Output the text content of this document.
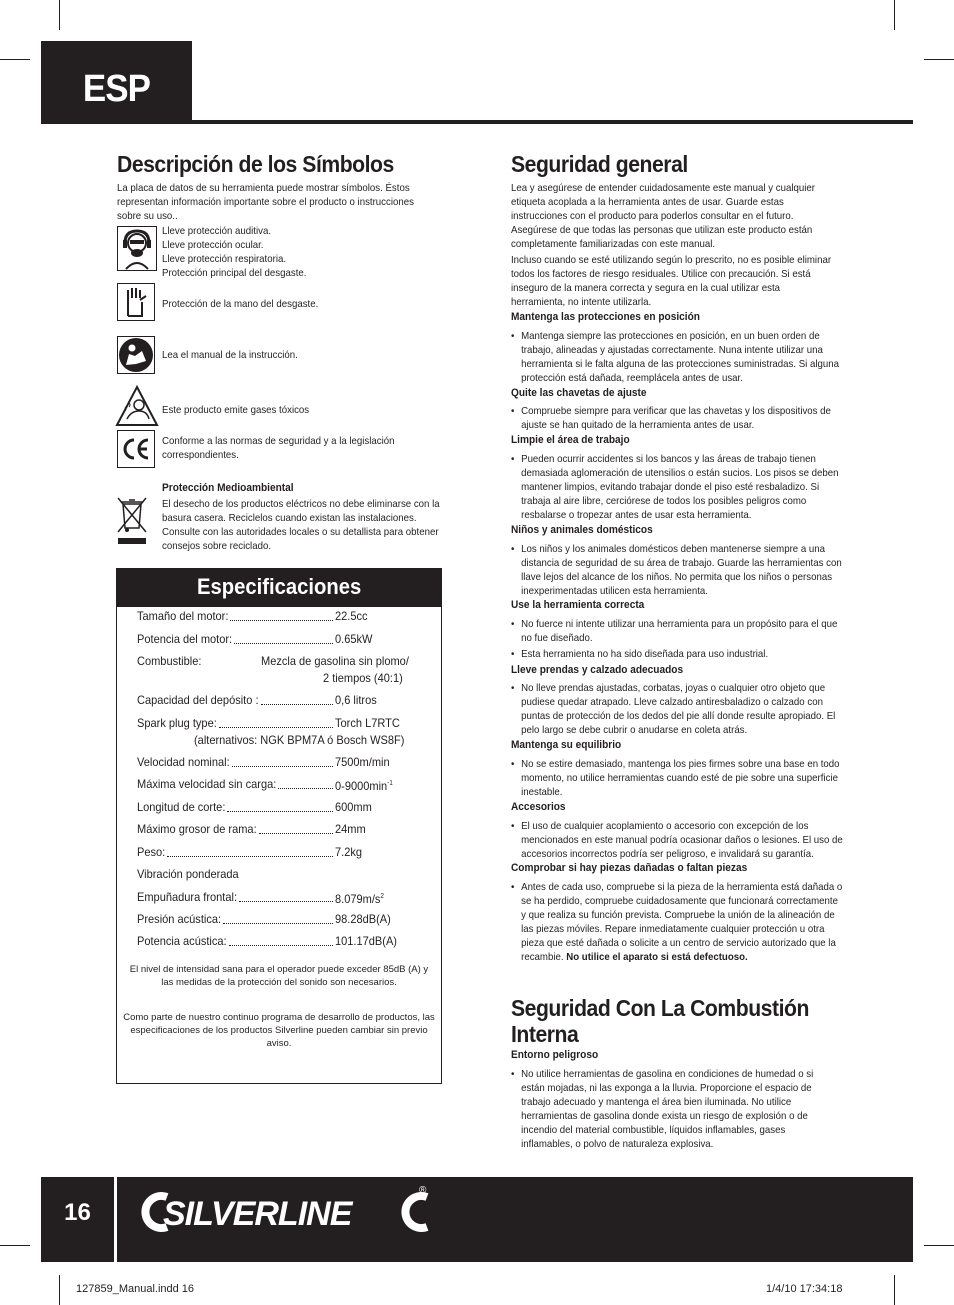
ESP
Descripción de los Símbolos
La placa de datos de su herramienta puede mostrar símbolos. Éstos representan información importante sobre el producto o instrucciones sobre su uso..
Lleve protección auditiva.
Lleve protección ocular.
Lleve protección respiratoria.
Protección principal del desgaste.
Protección de la mano del desgaste.
Lea el manual de la instrucción.
Este producto emite gases tóxicos
Conforme a las normas de seguridad y a la legislación
correspondientes.
Protección Medioambiental
El desecho de los productos eléctricos no debe eliminarse con la basura casera. Reciclelos cuando existan las instalaciones. Consulte con las autoridades locales o su detallista para obtener consejos sobre reciclado.
Especificaciones
Tamaño del motor:	22.5cc
Potencia del motor:	0.65kW
Combustible:	Mezcla de gasolina sin plomo/
2 tiempos (40:1)
Capacidad del depósito :	0,6 litros
Spark plug type:	Torch L7RTC
(alternativos: NGK BPM7A ó Bosch WS8F)
Velocidad nominal:	7500m/min
Máxima velocidad sin carga:	$0-9000\min^{-1}$
Longitud de corte:	600mm
Máximo grosor de rama:	24mm
Peso:	7.2kg
Vibración ponderada
Empuñadura frontal:	$8.079m/s^2$
Presión acústica:	98.28dB(A)
Potencia acústica:	101.17dB(A)
El nivel de intensidad sana para el operador puede exceder 85dB (A) y las medidas de la protección del sonido son necesarios.
Como parte de nuestro continuo programa de desarrollo de productos, las especificaciones de los productos Silverline pueden cambiar sin previo aviso.
Seguridad general
Lea y asegúrese de entender cuidadosamente este manual y cualquier etiqueta acoplada a la herramienta antes de usar. Guarde estas instrucciones con el producto para poderlos consultar en el futuro. Asegúrese de que todas las personas que utilizan este producto están completamente familiarizadas con este manual.
Incluso cuando se esté utilizando según lo prescrito, no es posible eliminar todos los factores de riesgo residuales. Utilice con precaución. Si está inseguro de la manera correcta y segura en la cual utilizar esta herramienta, no intente utilizarla.
Mantenga las protecciones en posición
• Mantenga siempre las protecciones en posición, en un buen orden de trabajo, alineadas y ajustadas correctamente. Nuna intente utilizar una herramienta si le falta alguna de las protecciones suministradas. Si alguna protección está dañada, reemplácela antes de usar.
Quite las chavetas de ajuste
• Compruebe siempre para verificar que las chavetas y los dispositivos de ajuste se han quitado de la herramienta antes de usar.
Limpie el área de trabajo
• Pueden ocurrir accidentes si los bancos y las áreas de trabajo tienen demasiada aglomeración de utensilios o están sucios. Los pisos se deben mantener limpios, evitando trabajar donde el piso esté resbaladizo. Si trabaja al aire libre, cerciórese de todos los posibles peligros como resbalarse o tropezar antes de usar esta herramienta.
Niños y animales domésticos
• Los niños y los animales domésticos deben mantenerse siempre a una distancia de seguridad de su área de trabajo. Guarde las herramientas con llave lejos del alcance de los niños. No permita que los niños o personas inexperimentadas utilicen esta herramienta.
Use la herramienta correcta
• No fuerce ni intente utilizar una herramienta para un propósito para el que no fue diseñado.
• Esta herramienta no ha sido diseñada para uso industrial.
Lleve prendas y calzado adecuados
• No lleve prendas ajustadas, corbatas, joyas o cualquier otro objeto que pudiese quedar atrapado. Lleve calzado antiresbaladizo o calzado con puntas de protección de los dedos del pie allí donde resulte apropiado. El pelo largo se debe cubrir o anudarse en coleta atrás.
Mantenga su equilibrio
• No se estire demasiado, mantenga los pies firmes sobre una base en todo momento, no utilice herramientas cuando esté de pie sobre una superficie inestable.
Accesorios
• El uso de cualquier acoplamiento o accesorio con excepción de los mencionados en este manual podría ocasionar daños o lesiones. El uso de accesorios incorrectos podría ser peligroso, e invalidará su garantía.
Comprobar si hay piezas dañadas o faltan piezas
• Antes de cada uso, compruebe si la pieza de la herramienta está dañada o se ha perdido, compruebe cuidadosamente que funcionará correctamente y que realiza su función prevista. Compruebe la unión de la alineación de las piezas móviles. Repare inmediatamente cualquier protección u otra pieza que esté dañada o solicite a un centro de servicio autorizado que la recambie. No utilice el aparato si está defectuoso.
Seguridad Con La Combustión
Interna
Entorno peligroso
• No utilice herramientas de gasolina en condiciones de humedad o si están mojadas, ni las exponga a la lluvia. Proporcione el espacio de trabajo adecuado y mantenga el área bien iluminada. No utilice herramientas de gasolina donde exista un riesgo de explosión o de incendio del material combustible, líquidos inflamables, gases inflamables, o polvo de naturaleza explosiva.
16	SILVERLINE
®
127859_Manual.indd 16	1/4/10 17:34:18
